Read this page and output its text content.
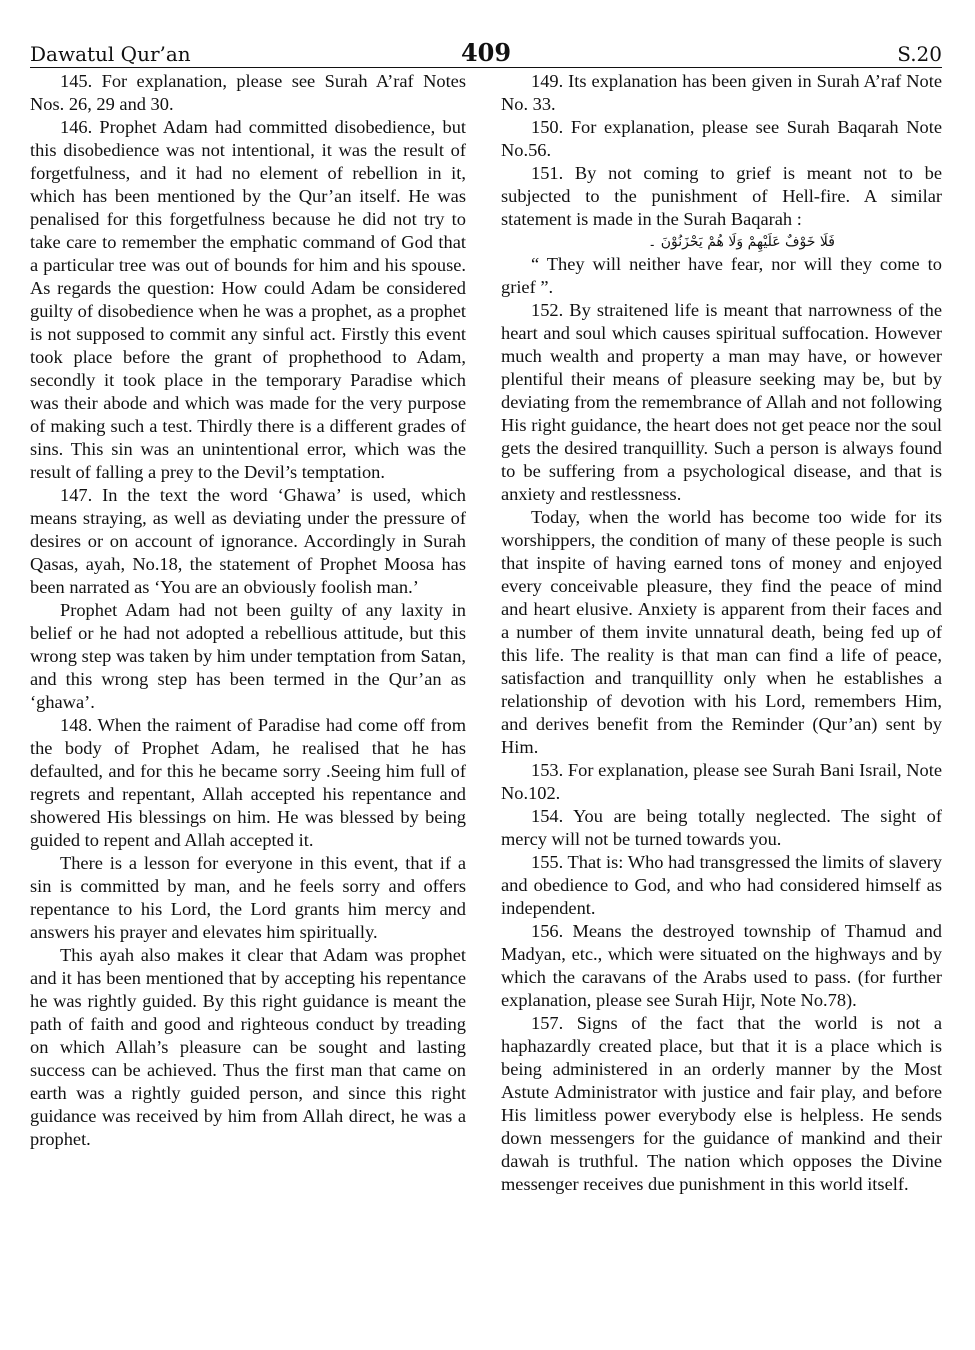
Dawatul Qur’an	409	S.20

145. For explanation, please see Surah A’raf Notes Nos. 26, 29 and 30.

146. Prophet Adam had committed disobedience, but this disobedience was not intentional, it was the result of forgetfulness, and it had no element of rebellion in it, which has been mentioned by the Qur’an itself. He was penalised for this forgetfulness because he did not try to take care to remember the emphatic command of God that a particular tree was out of bounds for him and his spouse. As regards the question: How could Adam be considered guilty of disobedience when he was a prophet, as a prophet is not supposed to commit any sinful act. Firstly this event took place before the grant of prophethood to Adam, secondly it took place in the temporary Paradise which was their abode and which was made for the very purpose of making such a test. Thirdly there is a different grades of sins. This sin was an unintentional error, which was the result of falling a prey to the Devil’s temptation.

147. In the text the word ‘Ghawa’ is used, which means straying, as well as deviating under the pressure of desires or on account of ignorance. Accordingly in Surah Qasas, ayah, No.18, the statement of Prophet Moosa has been narrated as ‘You are an obviously foolish man.’

Prophet Adam had not been guilty of any laxity in belief or he had not adopted a rebellious attitude, but this wrong step was taken by him under temptation from Satan, and this wrong step has been termed in the Qur’an as ‘ghawa’.

148. When the raiment of Paradise had come off from the body of Prophet Adam, he realised that he has defaulted, and for this he became sorry .Seeing him full of regrets and repentant, Allah accepted his repentance and showered His blessings on him. He was blessed by being guided to repent and Allah accepted it.

There is a lesson for everyone in this event, that if a sin is committed by man, and he feels sorry and offers repentance to his Lord, the Lord grants him mercy and answers his prayer and elevates him spiritually.

This ayah also makes it clear that Adam was prophet and it has been mentioned that by accepting his repentance he was rightly guided. By this right guidance is meant the path of faith and good and righteous conduct by treading on which Allah’s pleasure can be sought and lasting success can be achieved. Thus the first man that came on earth was a rightly guided person, and since this right guidance was received by him from Allah direct, he was a prophet.

149. Its explanation has been given in Surah A’raf Note No. 33.

150. For explanation, please see Surah Baqarah Note No.56.

151. By not coming to grief is meant not to be subjected to the punishment of Hell-fire. A similar statement is made in the Surah Baqarah :

فَلَا خَوْفٌ عَلَيْهِمْ وَلَا هُمْ يَحْزَنُوْنَ ۔

“ They will neither have fear, nor will they come to grief ”.

152. By straitened life is meant that narrowness of the heart and soul which causes spiritual suffocation. However much wealth and property a man may have, or however plentiful their means of pleasure seeking may be, but by deviating from the remembrance of Allah and not following His right guidance, the heart does not get peace nor the soul gets the desired tranquillity. Such a person is always found to be suffering from a psychological disease, and that is anxiety and restlessness.

Today, when the world has become too wide for its worshippers, the condition of many of these people is such that inspite of having earned tons of money and enjoyed every conceivable pleasure, they find the peace of mind and heart elusive. Anxiety is apparent from their faces and a number of them invite unnatural death, being fed up of this life. The reality is that man can find a life of peace, satisfaction and tranquillity only when he establishes a relationship of devotion with his Lord, remembers Him, and derives benefit from the Reminder (Qur’an) sent by Him.

153. For explanation, please see Surah Bani Israil, Note No.102.

154. You are being totally neglected. The sight of mercy will not be turned towards you.

155. That is: Who had transgressed the limits of slavery and obedience to God, and who had considered himself as independent.

156. Means the destroyed township of Thamud and Madyan, etc., which were situated on the highways and by which the caravans of the Arabs used to pass. (for further explanation, please see Surah Hijr, Note No.78).

157. Signs of the fact that the world is not a haphazardly created place, but that it is a place which is being administered in an orderly manner by the Most Astute Administrator with justice and fair play, and before His limitless power everybody else is helpless. He sends down messengers for the guidance of mankind and their dawah is truthful. The nation which opposes the Divine messenger receives due punishment in this world itself.
